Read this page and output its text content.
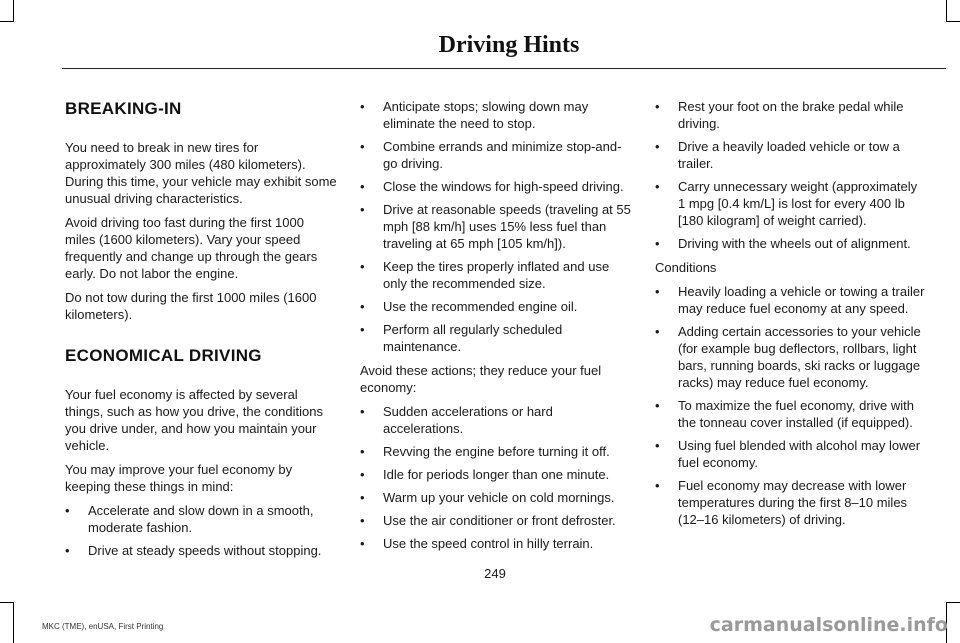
Driving Hints
BREAKING-IN

You need to break in new tires for approximately 300 miles (480 kilometers). During this time, your vehicle may exhibit some unusual driving characteristics.

Avoid driving too fast during the first 1000 miles (1600 kilometers). Vary your speed frequently and change up through the gears early. Do not labor the engine.

Do not tow during the first 1000 miles (1600 kilometers).

ECONOMICAL DRIVING

Your fuel economy is affected by several things, such as how you drive, the conditions you drive under, and how you maintain your vehicle.

You may improve your fuel economy by keeping these things in mind:

• Accelerate and slow down in a smooth, moderate fashion.
• Drive at steady speeds without stopping.
• Anticipate stops; slowing down may eliminate the need to stop.
• Combine errands and minimize stop-and-go driving.
• Close the windows for high-speed driving.
• Drive at reasonable speeds (traveling at 55 mph [88 km/h] uses 15% less fuel than traveling at 65 mph [105 km/h]).
• Keep the tires properly inflated and use only the recommended size.
• Use the recommended engine oil.
• Perform all regularly scheduled maintenance.

Avoid these actions; they reduce your fuel economy:

• Sudden accelerations or hard accelerations.
• Revving the engine before turning it off.
• Idle for periods longer than one minute.
• Warm up your vehicle on cold mornings.
• Use the air conditioner or front defroster.
• Use the speed control in hilly terrain.
• Rest your foot on the brake pedal while driving.
• Drive a heavily loaded vehicle or tow a trailer.
• Carry unnecessary weight (approximately 1 mpg [0.4 km/L] is lost for every 400 lb [180 kilogram] of weight carried).
• Driving with the wheels out of alignment.

Conditions

• Heavily loading a vehicle or towing a trailer may reduce fuel economy at any speed.
• Adding certain accessories to your vehicle (for example bug deflectors, rollbars, light bars, running boards, ski racks or luggage racks) may reduce fuel economy.
• To maximize the fuel economy, drive with the tonneau cover installed (if equipped).
• Using fuel blended with alcohol may lower fuel economy.
• Fuel economy may decrease with lower temperatures during the first 8–10 miles (12–16 kilometers) of driving.
249
MKC (TME), enUSA, First Printing	carmanualsonline.info
